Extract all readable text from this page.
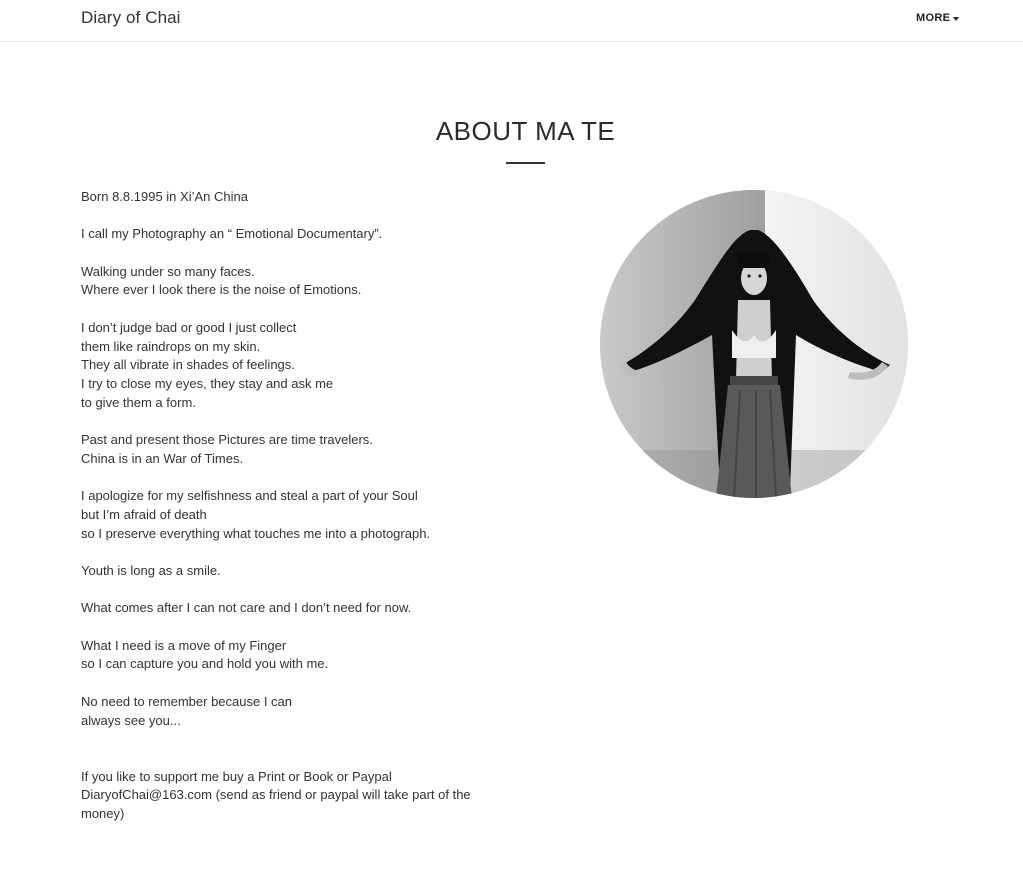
Diary of Chai	MORE
ABOUT MA TE

Born 8.8.1995 in Xi’An China

I call my Photography an “ Emotional Documentary”.

Walking under so many faces.
Where ever I look there is the noise of Emotions.

I don’t judge bad or good I just collect
them like raindrops on my skin.
They all vibrate in shades of feelings.
I try to close my eyes, they stay and ask me
to give them a form.

Past and present those Pictures are time travelers.
China is in an War of Times.

I apologize for my selfishness and steal a part of your Soul
but I’m afraid of death
so I preserve everything what touches me into a photograph.

Youth is long as a smile.

What comes after I can not care and I don’t need for now.

What I need is a move of my Finger
so I can capture you and hold you with me.

No need to remember because I can
always see you...

If you like to support me buy a Print or Book or Paypal
DiaryofChai@163.com (send as friend or paypal will take part of the
money)
